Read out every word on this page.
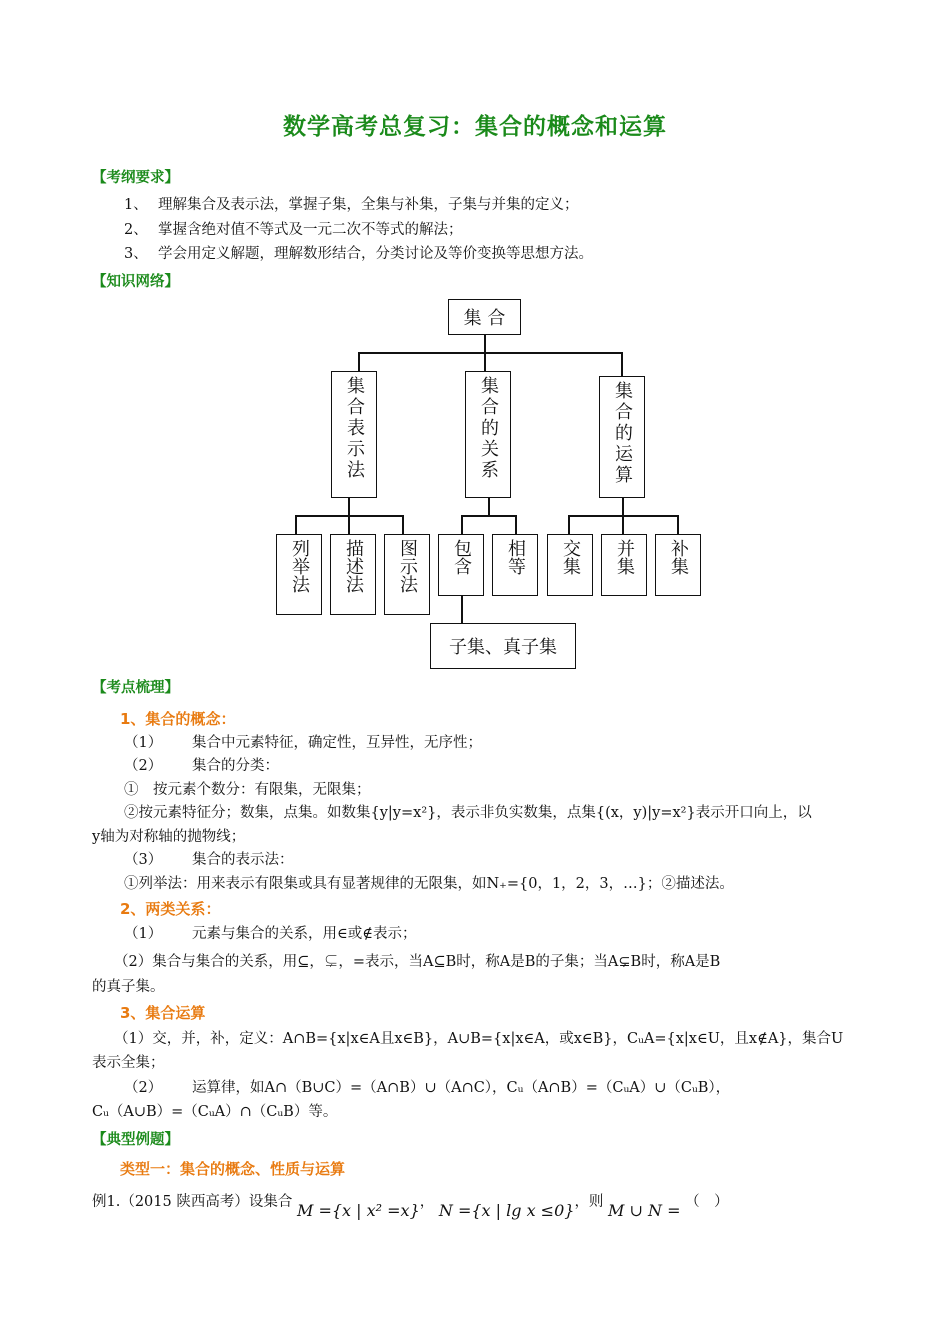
数学高考总复习：集合的概念和运算
【考纲要求】
1、 理解集合及表示法，掌握子集，全集与补集，子集与并集的定义；
2、 掌握含绝对值不等式及一元二次不等式的解法；
3、 学会用定义解题，理解数形结合，分类讨论及等价变换等思想方法。
【知识网络】
集 合
集合表示法	集合的关系	集合的运算
列举法 描述法 图示法 包含 相等 交集 并集 补集
子集、真子集
【考点梳理】
1、集合的概念：
（1） 集合中元素特征，确定性，互异性，无序性；
（2） 集合的分类：
①　按元素个数分：有限集，无限集；
②按元素特征分；数集，点集。如数集{y|y=x²}，表示非负实数集，点集{(x，y)|y=x²}表示开口向上，以
y轴为对称轴的抛物线；
（3） 集合的表示法：
①列举法：用来表示有限集或具有显著规律的无限集，如N₊={0，1，2，3，…}；②描述法。
2、两类关系：
（1） 元素与集合的关系，用∈或∉表示；
（2）集合与集合的关系，用⊆，⊊，=表示，当A⊆B时，称A是B的子集；当A⊊B时，称A是B
的真子集。
3、集合运算
（1）交，并，补，定义：A∩B={x|x∈A且x∈B}，A∪B={x|x∈A，或x∈B}，CᵤA={x|x∈U，且x∉A}，集合U
表示全集；
（2） 运算律，如A∩（B∪C）=（A∩B）∪（A∩C），Cᵤ（A∩B）=（CᵤA）∪（CᵤB），
Cᵤ（A∪B）=（CᵤA）∩（CᵤB）等。
【典型例题】
类型一：集合的概念、性质与运算
例1.（2015 陕西高考）设集合 M ={x | x² =x}， N ={x | lg x ≤0}，则 M ∪ N = （　）
